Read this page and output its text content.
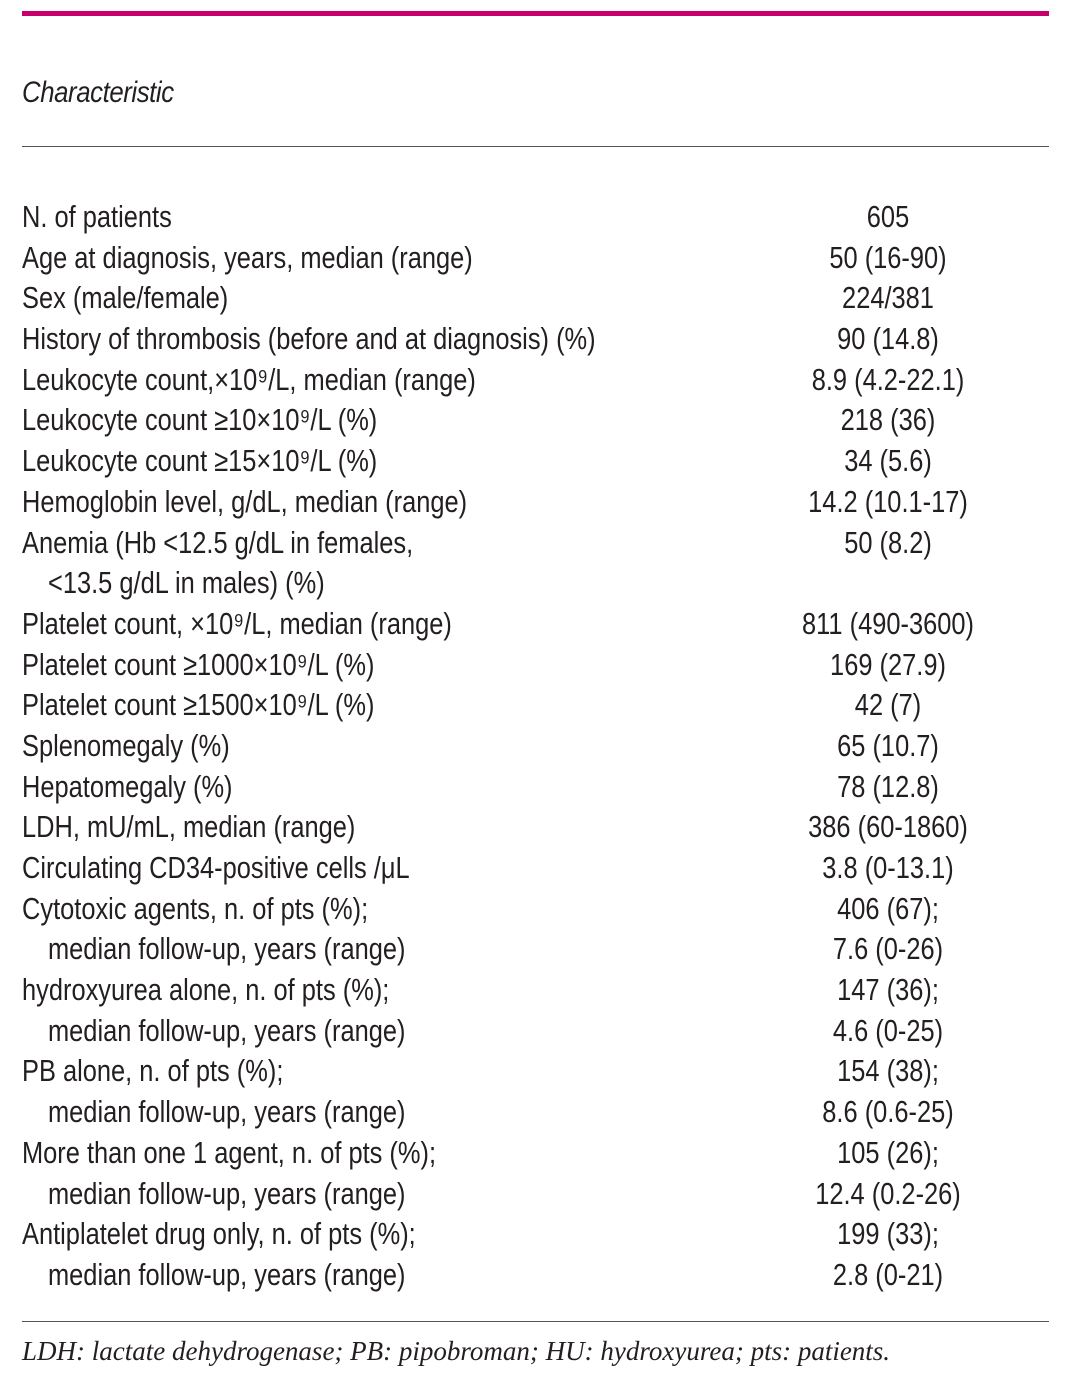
Characteristic
N. of patients	605
Age at diagnosis, years, median (range)	50 (16-90)
Sex (male/female)	224/381
History of thrombosis (before and at diagnosis) (%)	90 (14.8)
Leukocyte count,×10⁹/L, median (range)	8.9 (4.2-22.1)
Leukocyte count ≥10×10⁹/L (%)	218 (36)
Leukocyte count ≥15×10⁹/L (%)	34 (5.6)
Hemoglobin level, g/dL, median (range)	14.2 (10.1-17)
Anemia (Hb <12.5 g/dL in females,	50 (8.2)
<13.5 g/dL in males) (%)
Platelet count, ×10⁹/L, median (range)	811 (490-3600)
Platelet count ≥1000×10⁹/L (%)	169 (27.9)
Platelet count ≥1500×10⁹/L (%)	42 (7)
Splenomegaly (%)	65 (10.7)
Hepatomegaly (%)	78 (12.8)
LDH, mU/mL, median (range)	386 (60-1860)
Circulating CD34-positive cells /μL	3.8 (0-13.1)
Cytotoxic agents, n. of pts (%);	406 (67);
median follow-up, years (range)	7.6 (0-26)
hydroxyurea alone, n. of pts (%);	147 (36);
median follow-up, years (range)	4.6 (0-25)
PB alone, n. of pts (%);	154 (38);
median follow-up, years (range)	8.6 (0.6-25)
More than one 1 agent, n. of pts (%);	105 (26);
median follow-up, years (range)	12.4 (0.2-26)
Antiplatelet drug only, n. of pts (%);	199 (33);
median follow-up, years (range)	2.8 (0-21)
LDH: lactate dehydrogenase; PB: pipobroman; HU: hydroxyurea; pts: patients.
